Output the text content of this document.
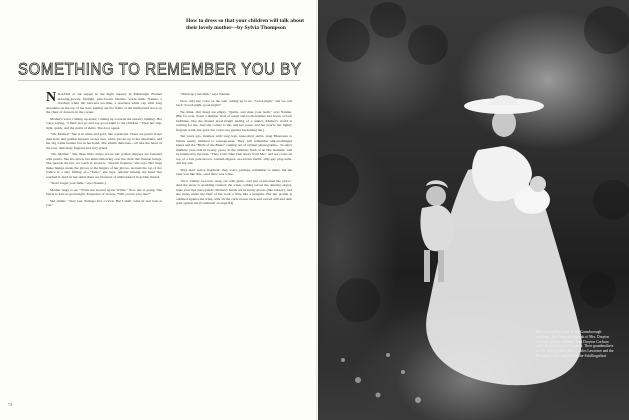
How to dress so that your children will talk about their lovely mother—by Sylvia Thompson
SOMETHING TO REMEMBER YOU BY

NICASSO at our supper in the night nursery in Edinburgh. Flannel dressing-gowny, firelight, pale-brown biscuits, warm milk. Nannie, a starched white bib between tea-time, a starched white cap with long streamers on the top of her hair, putting out the flame of the methylated stove on the chest of drawers in the corner.

Mother's voice coming up-stairs; coming up towards the nursery landing. Her voice saying, "I must just go and say good-night to the children." Then her step, light, quick, and the rustle of skirts. The door opens.

"Oh, Mother!" She is in white and gold, like a princess. There are pearls in her dark hair, and golden slippers on her feet, white gloves up to her shoulders, and her big white feather fan in her hand. She smells delicious—all like the heart of the rose, delicately fragrant and very grand.

"Oh, Mother." The three little straps across her golden slippers are fastened with pearls. She sits down, her skirts billowing over the chair that Nannie brings. She spreads the fan, we touch it, stroke it. "Ostrich feathers," she says. Her rings make bumps under the gloves at the fingers of her gloves. Around the top of her bodice is a tiny frilling of—"Tulle," she says, quickly kissing my head that touched it. And on her skirts there are flounces of embroidered in golden thread.

"Don't forget your milk," says Nannie.)

Mother sings to us: "Walts me around again, Willie." Now she is going. She bends to kiss us good-night. Fragrance of violets. "Will you be very late?"

She smiles. "Very late. Perhaps five o'clock. But I shall come in and look at you."

"Drink up your milk," says Nannie.

Now, only her voice on the stair calling up to us: "Good-night," and we call back "Good-night, good-night!"

We drink. Our mugs are empty. "Quick, and rinse your teeth," says Nannie. (But for ever, down a number vista of songs and tooth-brushes and seven o'clock bedtimes, like the distant jewel-bright ending of a tunnel, Mother's world is waiting for me. And she comes to me, and her roses, and her pearls, her lightly fragrant scent, her gold, her voice, her gesture beckoning me.)

Ten years ago, mothers with long legs, knee-short skirts, snug Bluetones to babies nearly imitated to teenage-ness. They will remember silk-stockinged knees and the "Birds of the Blues" coming out of cabinet phonographs... To-day's mummy year-olds in twenty years, in the timeless flash of an idle moment, will be haunted by the tune, "They Can't Take That Away from Me," and see cocks on top of a fair pale-brown, tousled-dipped, sea-brown limbs, silly-gay play-suits, and hot sun.

They don't notice fragment; they won't, perhaps, remember to name, but the taste was like this—and there was a line.

"Poor Johnny tree-tote, sung out with gusto, and just overlooked the place." And the snow is sparkling crusted; the wind, coming across the dancing slopes, bites your lips and eyelids. Mother's hands are in funny gloves (like babies'), and she tucks under the fluff of her look a little like a penguin. But her profile is outlined against the wind, with all the curls blown back and carved still and dark gold against the (Continued on page 84)

74
Memory-book portrait: In the Gainsborough tradition—this Horst photograph of Mrs. Drayton Cochran and her children, John Drayton Cochran and Charles Lawrence Cochran. Their grandmothers are the distinguished Mrs. Charles Lawrence and the Baroness Cecile von Hohenlohe-Schillingsfürst
